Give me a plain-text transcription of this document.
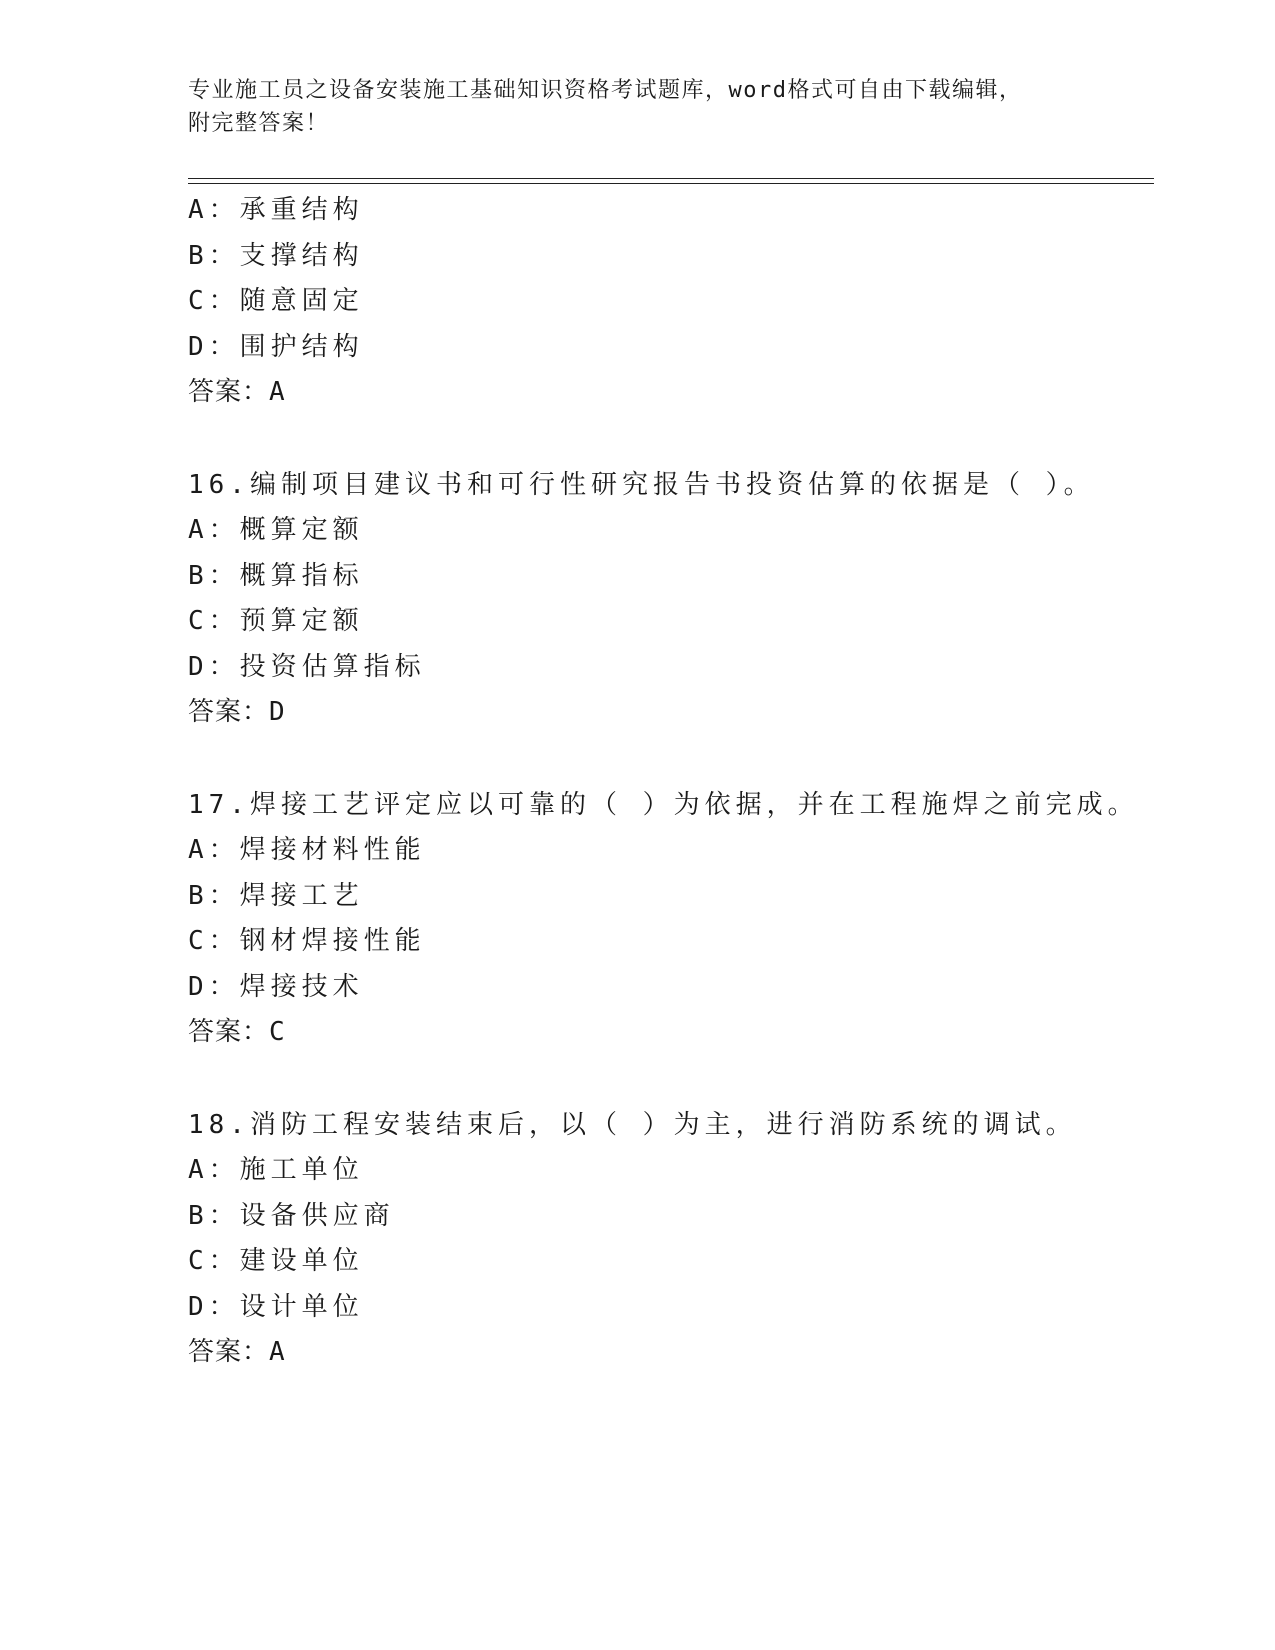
专业施工员之设备安装施工基础知识资格考试题库，word格式可自由下载编辑，
附完整答案！
A：承重结构
B：支撑结构
C：随意固定
D：围护结构
答案：A
16.编制项目建议书和可行性研究报告书投资估算的依据是（ ）。
A：概算定额
B：概算指标
C：预算定额
D：投资估算指标
答案：D
17.焊接工艺评定应以可靠的（ ）为依据，并在工程施焊之前完成。
A：焊接材料性能
B：焊接工艺
C：钢材焊接性能
D：焊接技术
答案：C
18.消防工程安装结束后，以（ ）为主，进行消防系统的调试。
A：施工单位
B：设备供应商
C：建设单位
D：设计单位
答案：A
